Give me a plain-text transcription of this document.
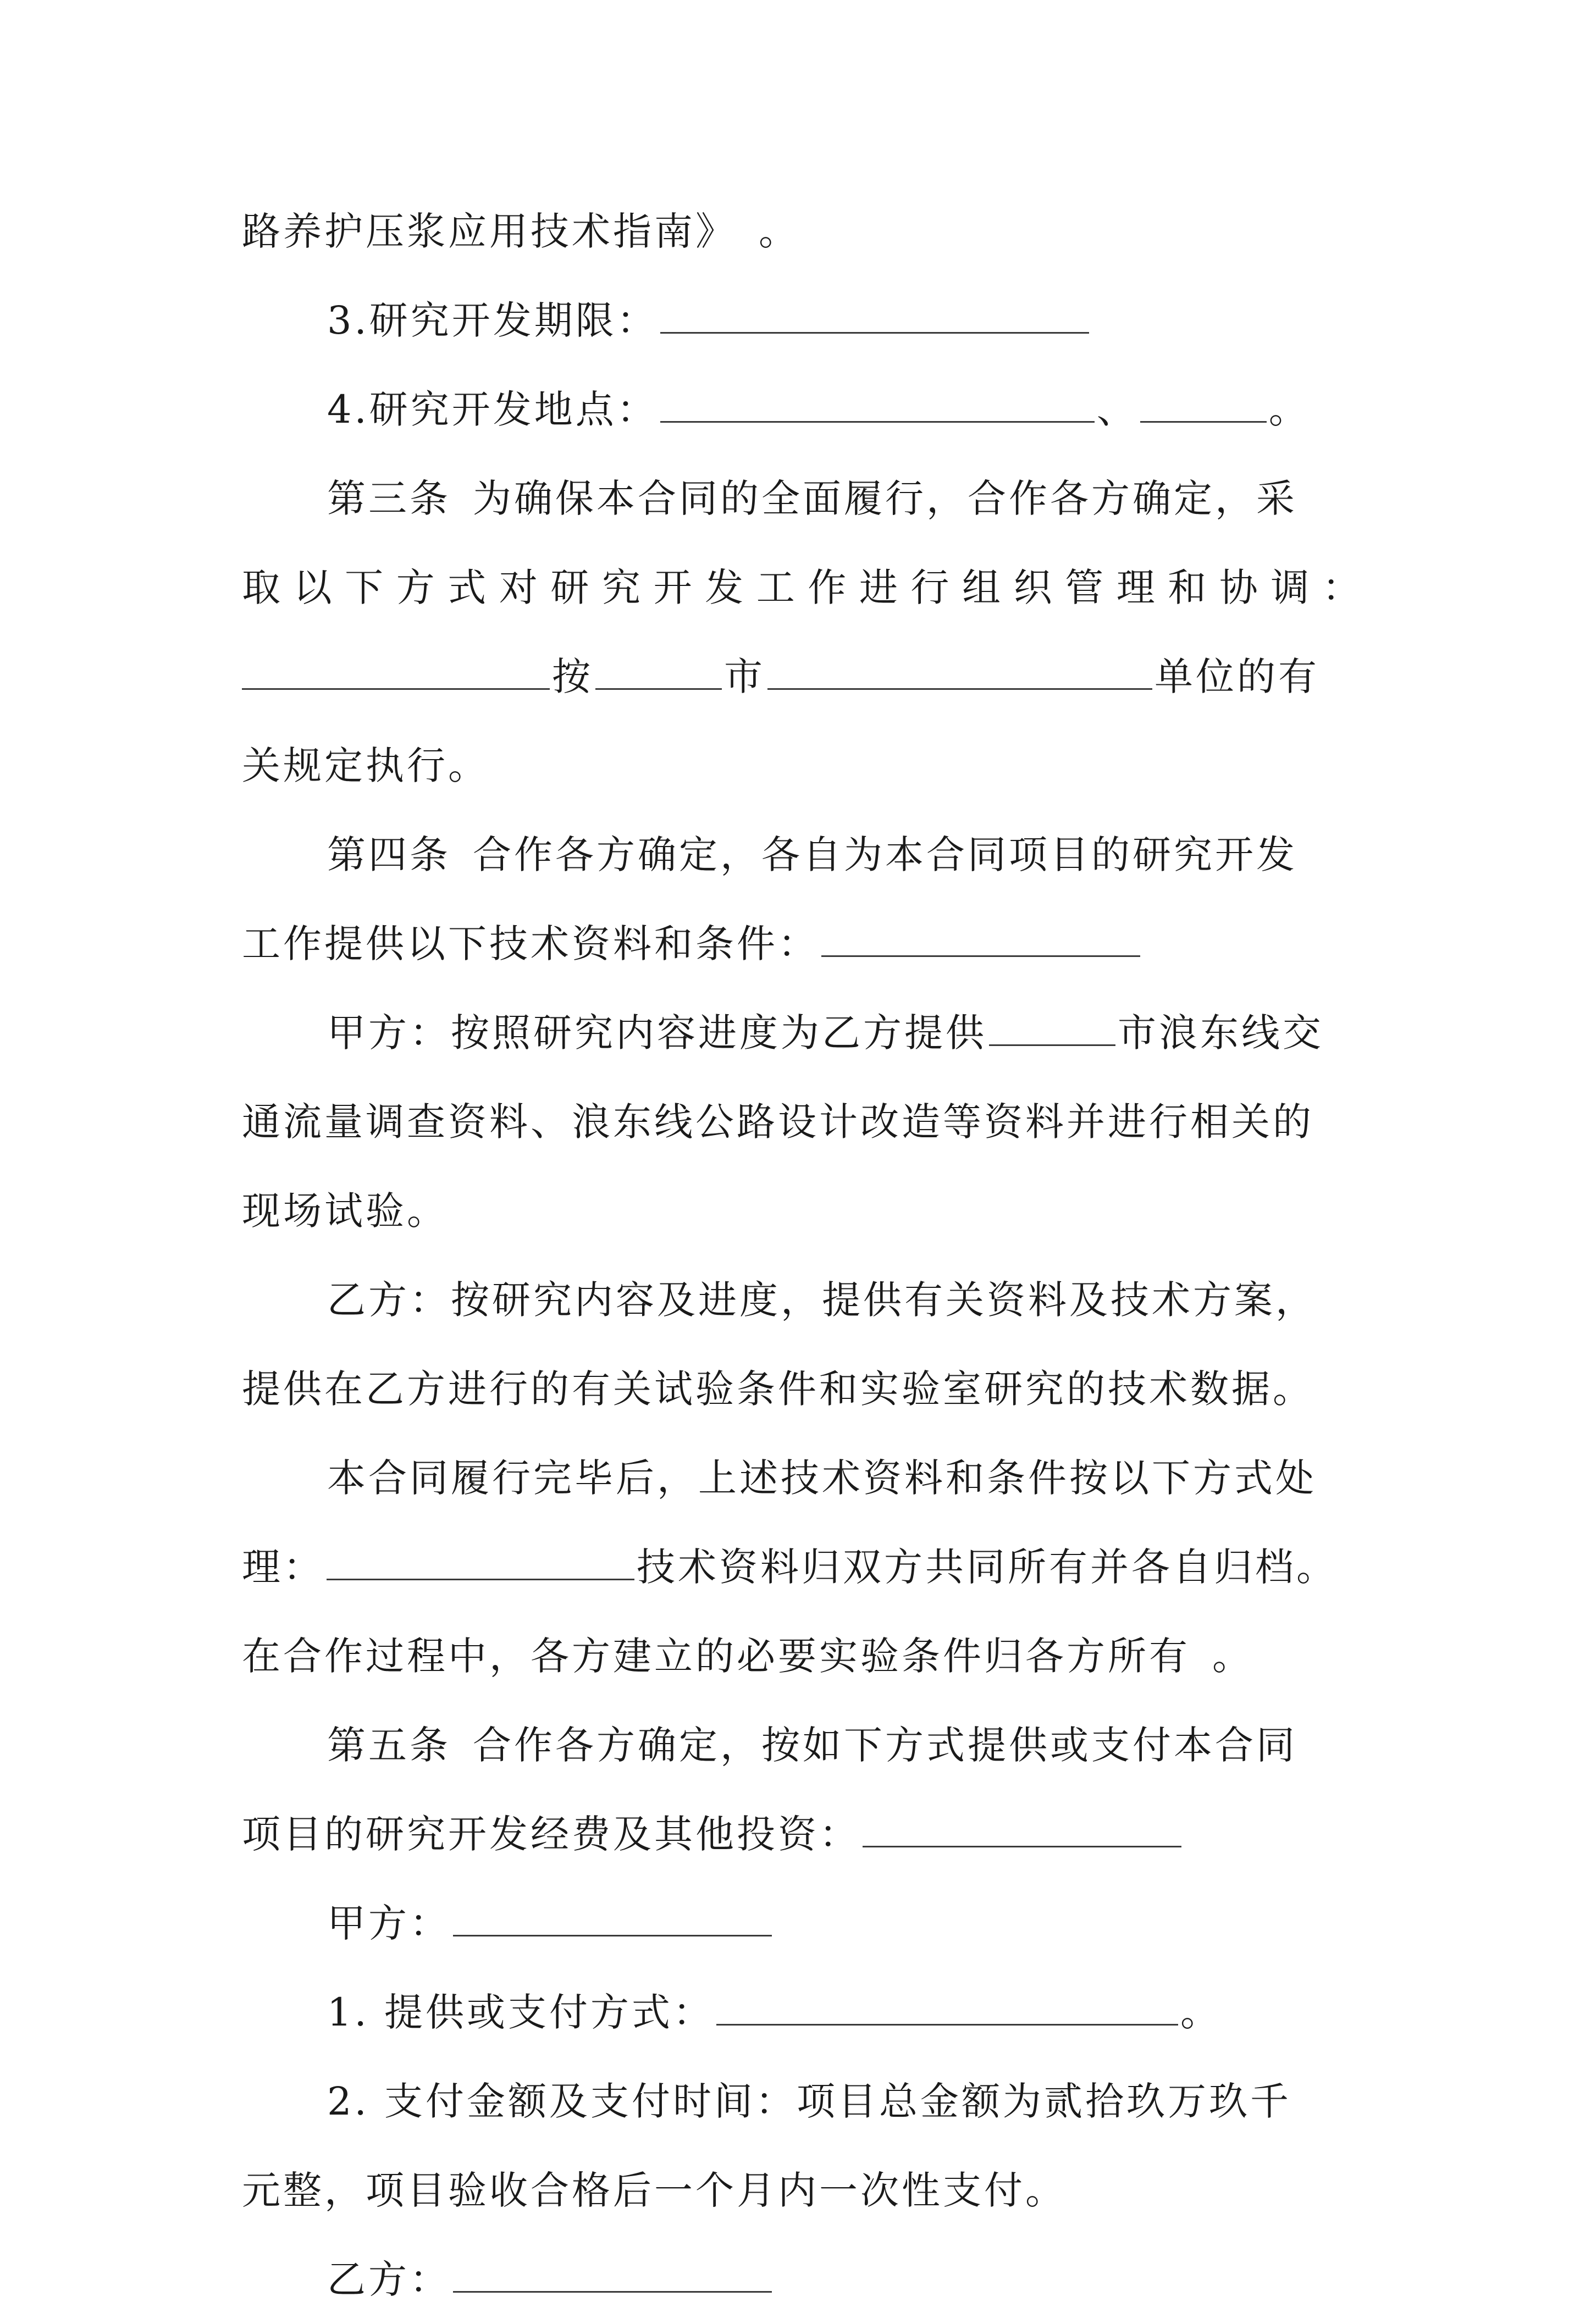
路养护压浆应用技术指南》 。
3.研究开发期限：
4.研究开发地点：	、	。
第三条 为确保本合同的全面履行，合作各方确定，采
取以下方式对研究开发工作进行组织管理和协调：
按	市	单位的有
关规定执行。
第四条 合作各方确定，各自为本合同项目的研究开发
工作提供以下技术资料和条件：
甲方：按照研究内容进度为乙方提供	市浪东线交
通流量调查资料、浪东线公路设计改造等资料并进行相关的
现场试验。
乙方：按研究内容及进度，提供有关资料及技术方案，
提供在乙方进行的有关试验条件和实验室研究的技术数据。
本合同履行完毕后，上述技术资料和条件按以下方式处
理：	技术资料归双方共同所有并各自归档。
在合作过程中，各方建立的必要实验条件归各方所有 。
第五条 合作各方确定，按如下方式提供或支付本合同
项目的研究开发经费及其他投资：
甲方：
1. 提供或支付方式：	。
2. 支付金额及支付时间：项目总金额为贰拾玖万玖千
元整，项目验收合格后一个月内一次性支付。
乙方：
